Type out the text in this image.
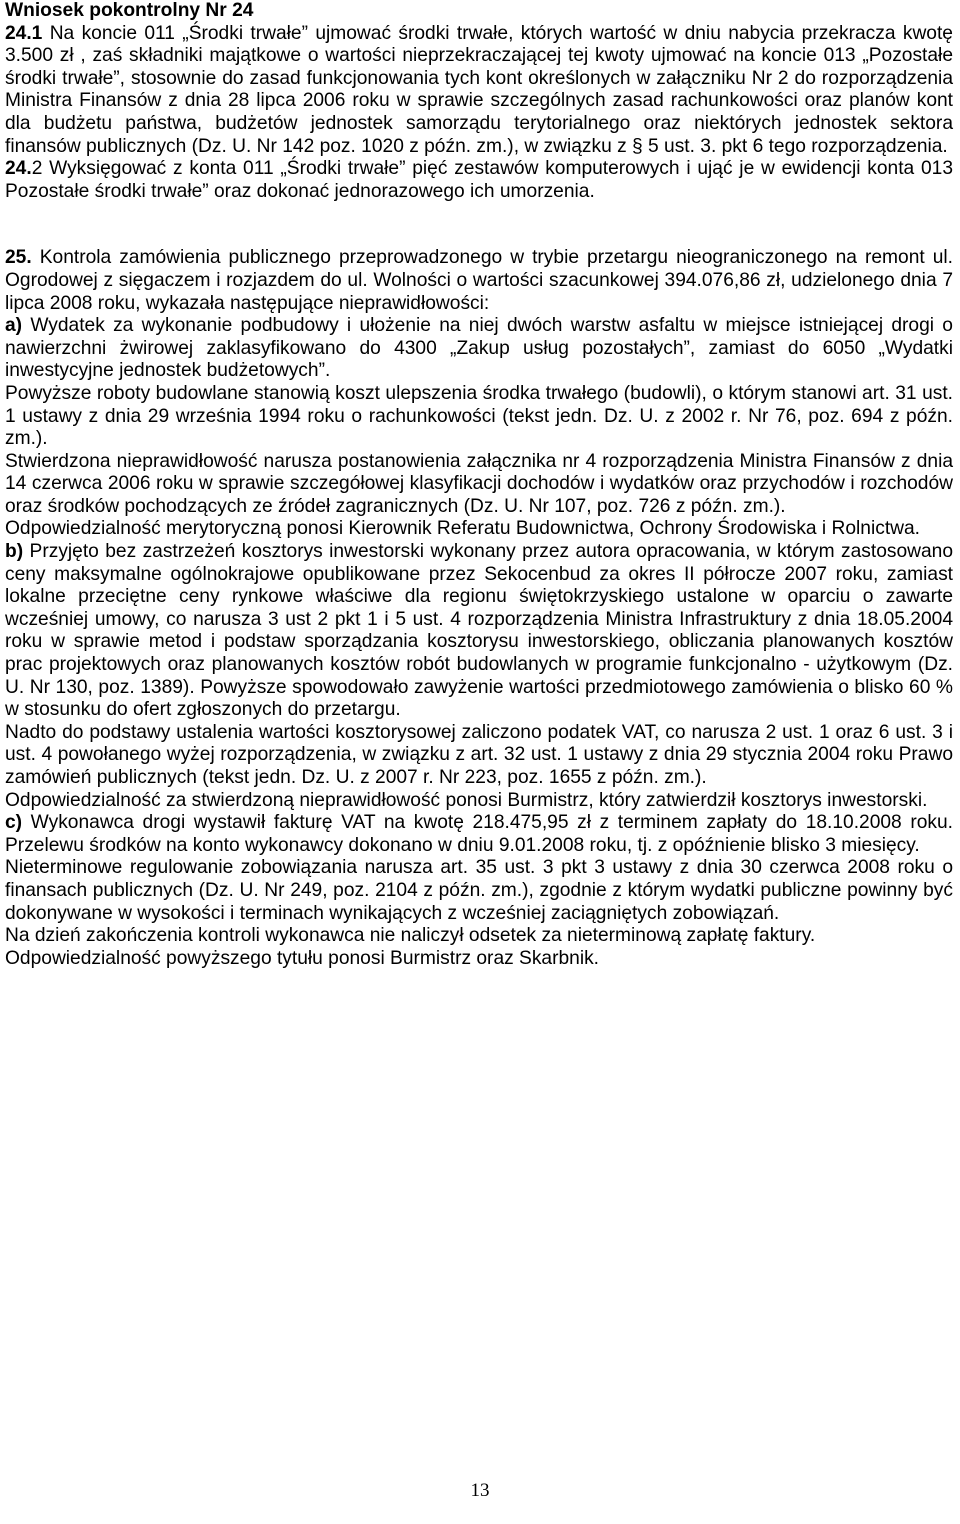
Wniosek pokontrolny Nr 24

24.1 Na koncie 011 „Środki trwałe” ujmować środki trwałe, których wartość w dniu nabycia przekracza kwotę 3.500 zł , zaś składniki majątkowe o wartości nieprzekraczającej tej kwoty ujmować na koncie 013 „Pozostałe środki trwałe”, stosownie do zasad funkcjonowania tych kont określonych w załączniku Nr 2 do rozporządzenia Ministra Finansów z dnia 28 lipca 2006 roku w sprawie szczególnych zasad rachunkowości oraz planów kont dla budżetu państwa, budżetów jednostek samorządu terytorialnego oraz niektórych jednostek sektora finansów publicznych (Dz. U. Nr 142 poz. 1020 z późn. zm.), w związku z § 5 ust. 3. pkt 6 tego rozporządzenia.

24.2 Wyksięgować z konta 011 „Środki trwałe” pięć zestawów komputerowych i ująć je w ewidencji konta 013 Pozostałe środki trwałe” oraz dokonać jednorazowego ich umorzenia.

25. Kontrola zamówienia publicznego przeprowadzonego w trybie przetargu nieograniczonego na remont ul. Ogrodowej z sięgaczem i rozjazdem do ul. Wolności o wartości szacunkowej 394.076,86 zł, udzielonego dnia 7 lipca 2008 roku, wykazała następujące nieprawidłowości:

a) Wydatek za wykonanie podbudowy i ułożenie na niej dwóch warstw asfaltu w miejsce istniejącej drogi o nawierzchni żwirowej zaklasyfikowano do 4300 „Zakup usług pozostałych”, zamiast do 6050 „Wydatki inwestycyjne jednostek budżetowych”.

Powyższe roboty budowlane stanowią koszt ulepszenia środka trwałego (budowli), o którym stanowi art. 31 ust. 1 ustawy z dnia 29 września 1994 roku o rachunkowości (tekst jedn. Dz. U. z 2002 r. Nr 76, poz. 694 z późn. zm.).

Stwierdzona nieprawidłowość narusza postanowienia załącznika nr 4 rozporządzenia Ministra Finansów z dnia 14 czerwca 2006 roku w sprawie szczegółowej klasyfikacji dochodów i wydatków oraz przychodów i rozchodów oraz środków pochodzących ze źródeł zagranicznych (Dz. U. Nr 107, poz. 726 z późn. zm.).

Odpowiedzialność merytoryczną ponosi Kierownik Referatu Budownictwa, Ochrony Środowiska i Rolnictwa.

b) Przyjęto bez zastrzeżeń kosztorys inwestorski wykonany przez autora opracowania, w którym zastosowano ceny maksymalne ogólnokrajowe opublikowane przez Sekocenbud za okres II półrocze 2007 roku, zamiast lokalne przeciętne ceny rynkowe właściwe dla regionu świętokrzyskiego ustalone w oparciu o zawarte wcześniej umowy, co narusza 3 ust 2 pkt 1 i 5 ust. 4 rozporządzenia Ministra Infrastruktury z dnia 18.05.2004 roku w sprawie metod i podstaw sporządzania kosztorysu inwestorskiego, obliczania planowanych kosztów prac projektowych oraz planowanych kosztów robót budowlanych w programie funkcjonalno - użytkowym (Dz. U. Nr 130, poz. 1389). Powyższe spowodowało zawyżenie wartości przedmiotowego zamówienia o blisko 60 % w stosunku do ofert zgłoszonych do przetargu.

Nadto do podstawy ustalenia wartości kosztorysowej zaliczono podatek VAT, co narusza 2 ust. 1 oraz 6 ust. 3 i ust. 4 powołanego wyżej rozporządzenia, w związku z art. 32 ust. 1 ustawy z dnia 29 stycznia 2004 roku Prawo zamówień publicznych (tekst jedn. Dz. U. z 2007 r. Nr 223, poz. 1655 z późn. zm.).

Odpowiedzialność za stwierdzoną nieprawidłowość ponosi Burmistrz, który zatwierdził kosztorys inwestorski.

c) Wykonawca drogi wystawił fakturę VAT na kwotę 218.475,95 zł z terminem zapłaty do 18.10.2008 roku. Przelewu środków na konto wykonawcy dokonano w dniu 9.01.2008 roku, tj. z opóźnienie blisko 3 miesięcy.

Nieterminowe regulowanie zobowiązania narusza art. 35 ust. 3 pkt 3 ustawy z dnia 30 czerwca 2008 roku o finansach publicznych (Dz. U. Nr 249, poz. 2104 z późn. zm.), zgodnie z którym wydatki publiczne powinny być dokonywane w wysokości i terminach wynikających z wcześniej zaciągniętych zobowiązań.

Na dzień zakończenia kontroli wykonawca nie naliczył odsetek za nieterminową zapłatę faktury.

Odpowiedzialność powyższego tytułu ponosi Burmistrz oraz Skarbnik.

13
